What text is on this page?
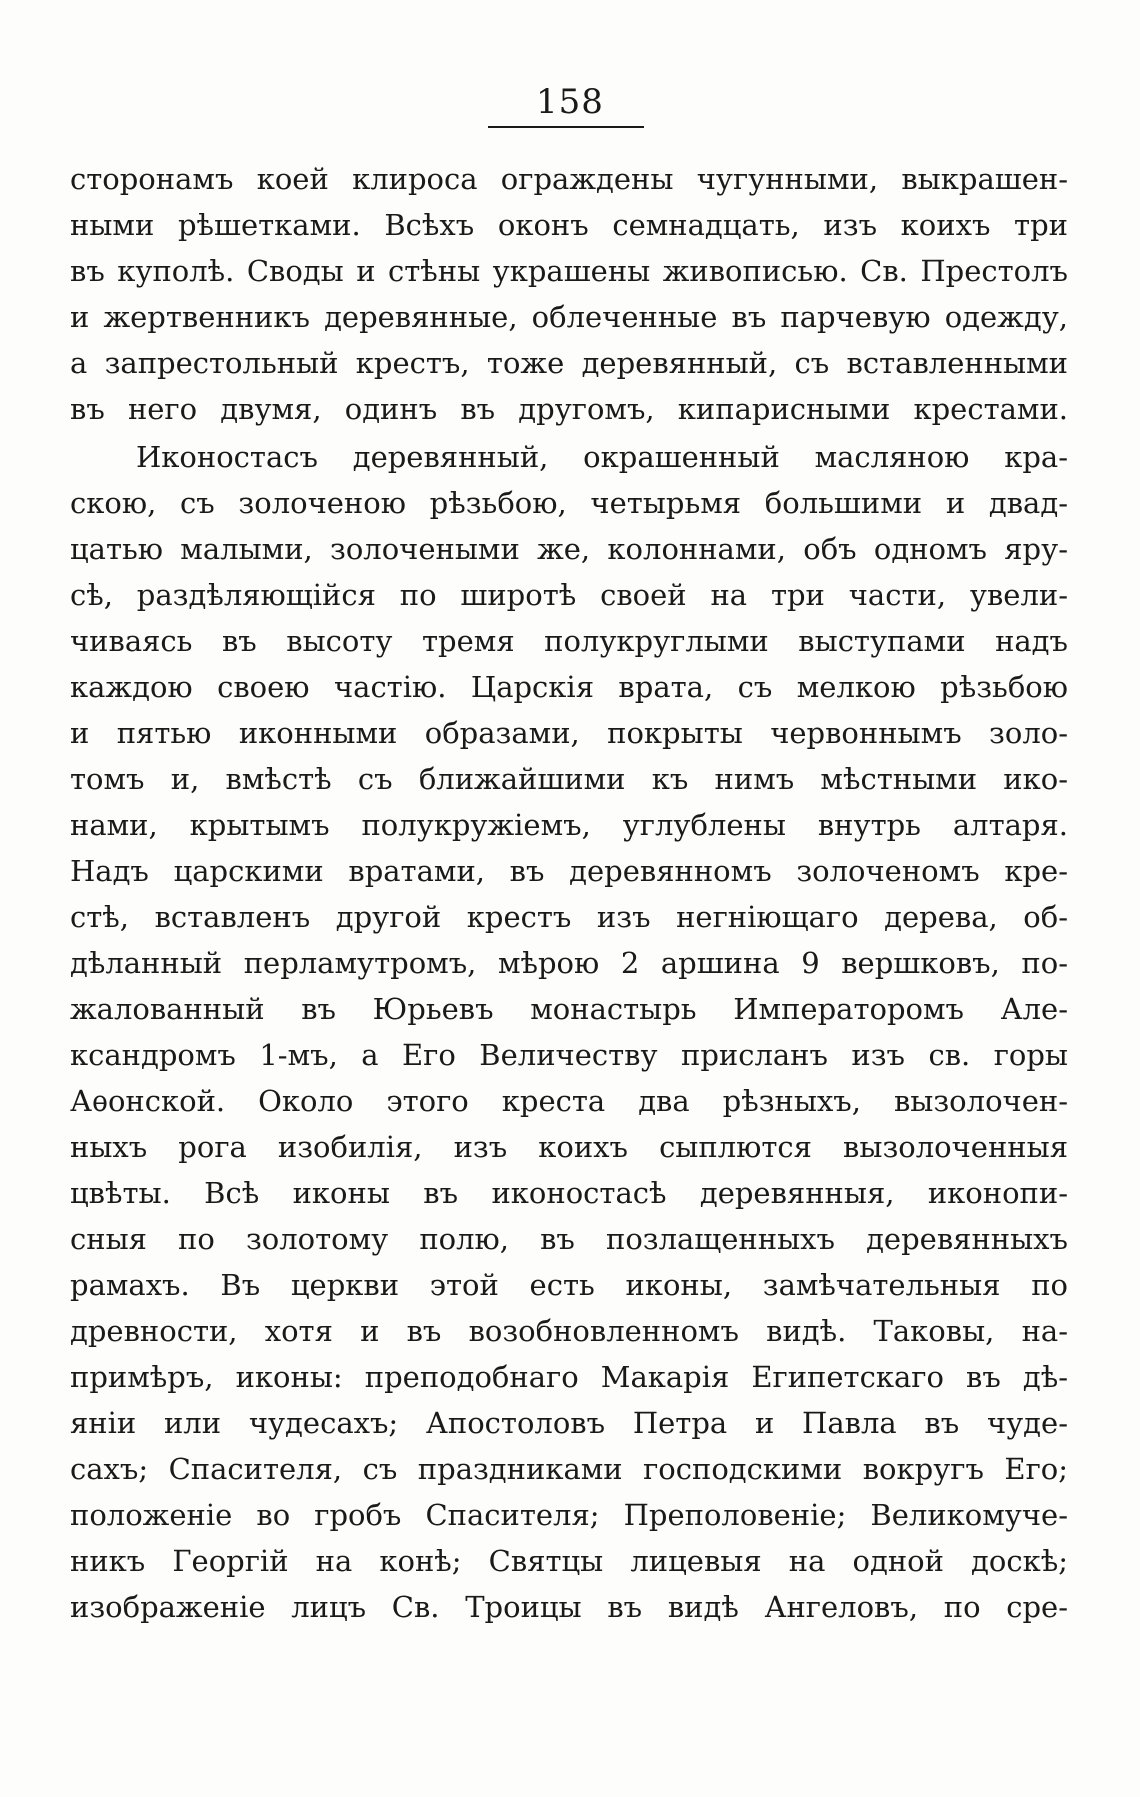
158
сторонамъ коей клироса ограждены чугунными, выкрашен-
ными рѣшетками. Всѣхъ оконъ семнадцать, изъ коихъ три
въ куполѣ. Своды и стѣны украшены живописью. Св. Престолъ
и жертвенникъ деревянные, облеченные въ парчевую одежду,
а запрестольный крестъ, тоже деревянный, съ вставленными
въ него двумя, одинъ въ другомъ, кипарисными крестами.
Иконостасъ деревянный, окрашенный масляною кра-
скою, съ золоченою рѣзьбою, четырьмя большими и двад-
цатью малыми, золочеными же, колоннами, объ одномъ яру-
сѣ, раздѣляющійся по широтѣ своей на три части, увели-
чиваясь въ высоту тремя полукруглыми выступами надъ
каждою своею частію. Царскія врата, съ мелкою рѣзьбою
и пятью иконными образами, покрыты червоннымъ золо-
томъ и, вмѣстѣ съ ближайшими къ нимъ мѣстными ико-
нами, крытымъ полукружіемъ, углублены внутрь алтаря.
Надъ царскими вратами, въ деревянномъ золоченомъ кре-
стѣ, вставленъ другой крестъ изъ негніющаго дерева, об-
дѣланный перламутромъ, мѣрою 2 аршина 9 вершковъ, по-
жалованный въ Юрьевъ монастырь Императоромъ Але-
ксандромъ 1-мъ, а Его Величеству присланъ изъ св. горы
Аѳонской. Около этого креста два рѣзныхъ, вызолочен-
ныхъ рога изобилія, изъ коихъ сыплются вызолоченныя
цвѣты. Всѣ иконы въ иконостасѣ деревянныя, иконопи-
сныя по золотому полю, въ позлащенныхъ деревянныхъ
рамахъ. Въ церкви этой есть иконы, замѣчательныя по
древности, хотя и въ возобновленномъ видѣ. Таковы, на-
примѣръ, иконы: преподобнаго Макарія Египетскаго въ дѣ-
яніи или чудесахъ; Апостоловъ Петра и Павла въ чуде-
сахъ; Спасителя, съ праздниками господскими вокругъ Его;
положеніе во гробъ Спасителя; Преполовеніе; Великомуче-
никъ Георгій на конѣ; Святцы лицевыя на одной доскѣ;
изображеніе лицъ Св. Троицы въ видѣ Ангеловъ, по сре-
